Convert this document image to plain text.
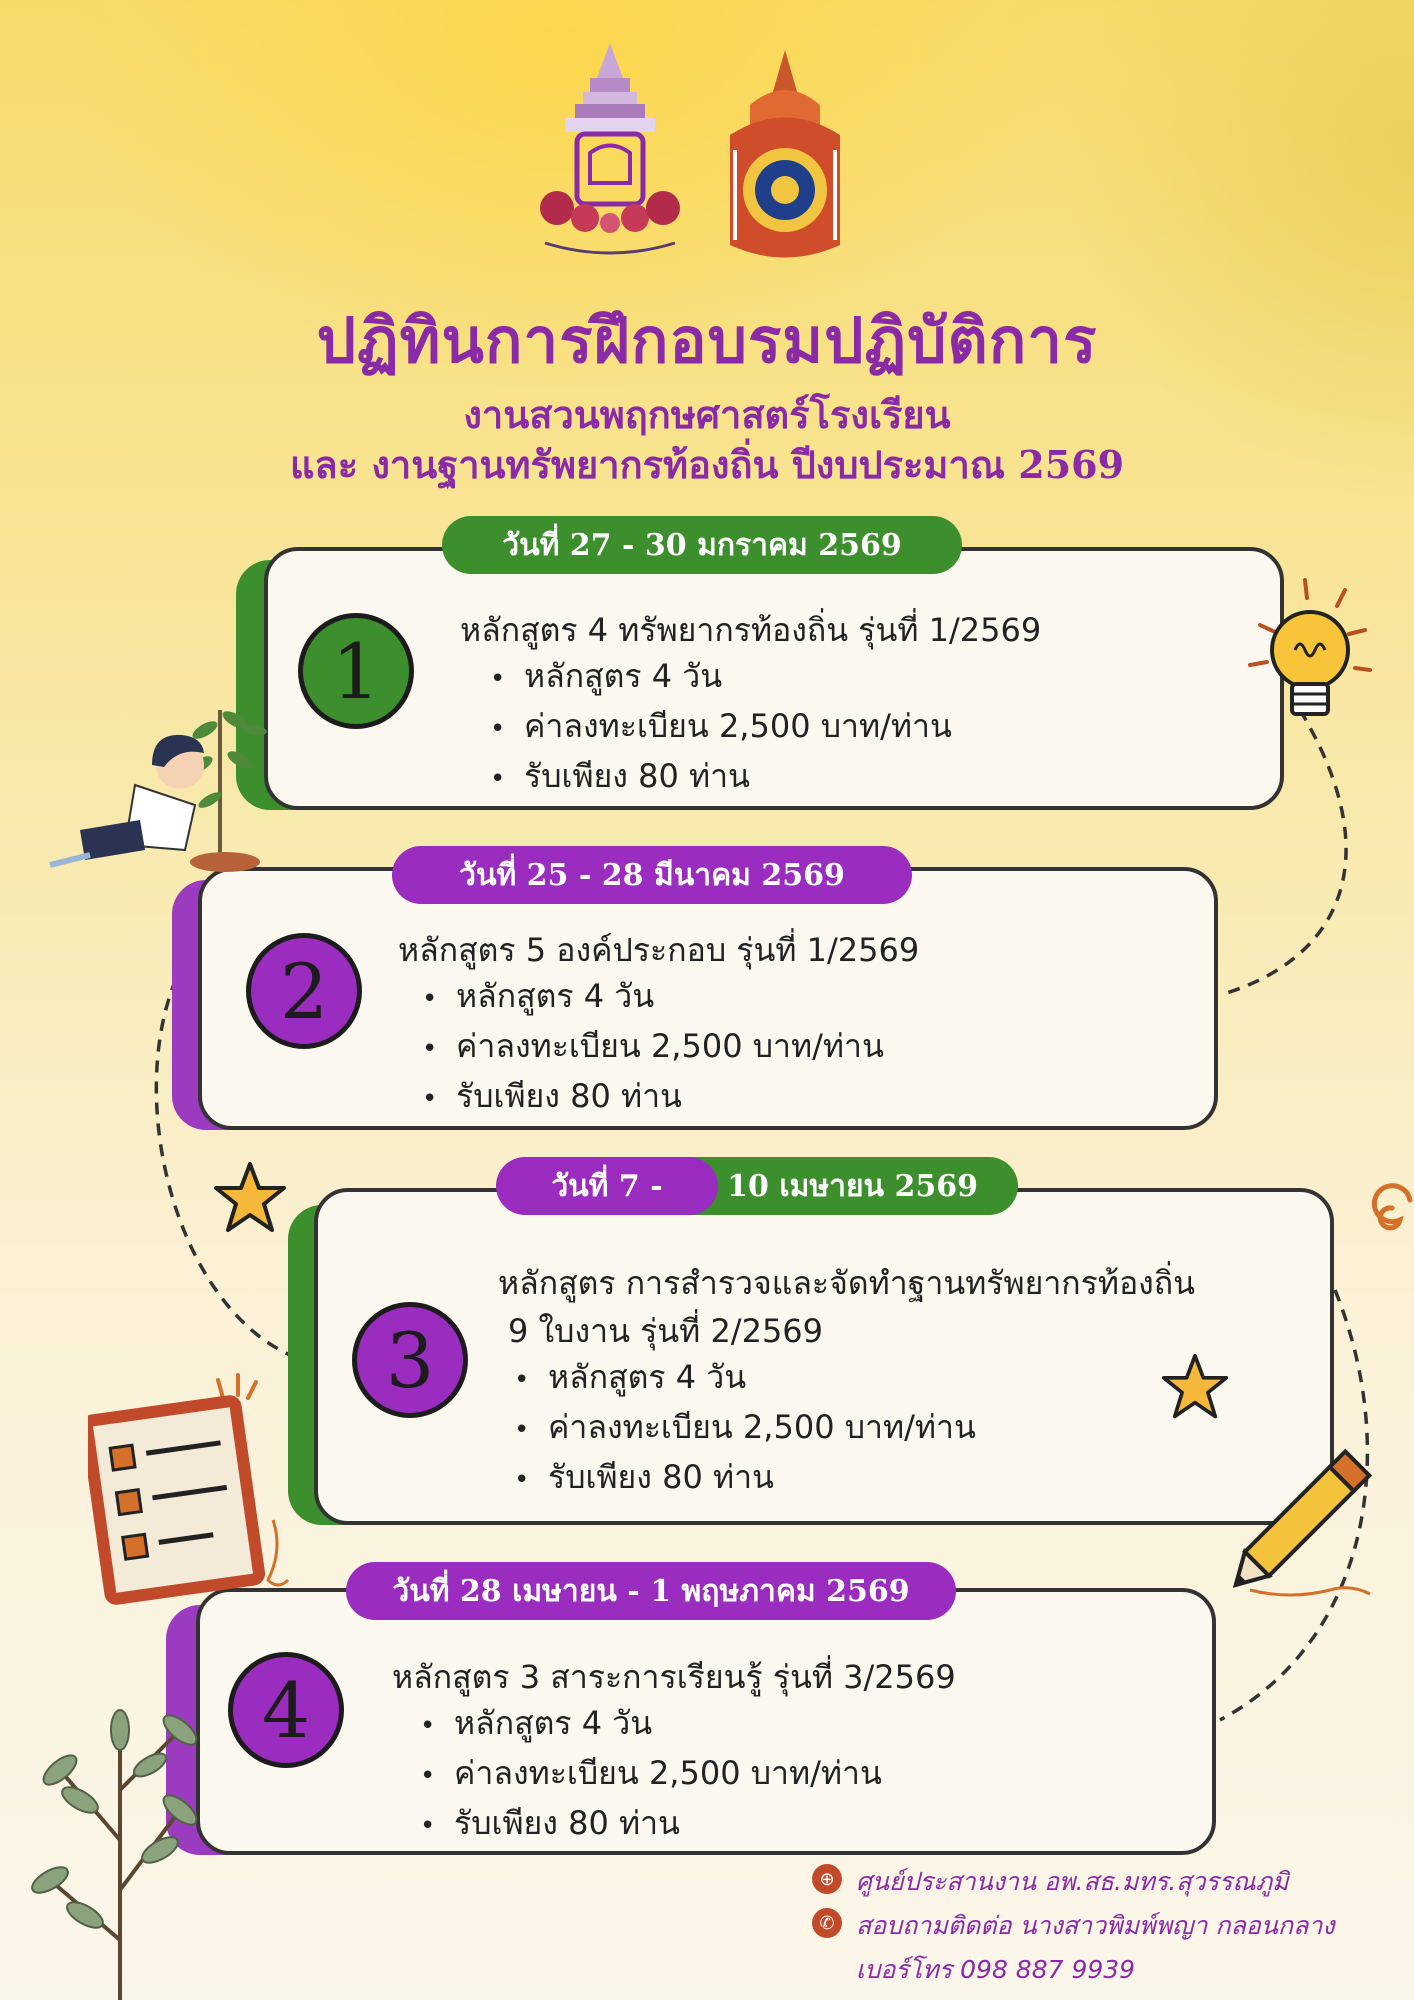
ปฏิทินการฝึกอบรมปฏิบัติการ
งานสวนพฤกษศาสตร์โรงเรียน
และ งานฐานทรัพยากรท้องถิ่น ปีงบประมาณ 2569
1	หลักสูตร 4 ทรัพยากรท้องถิ่น รุ่นที่ 1/2569
• หลักสูตร 4 วัน
• ค่าลงทะเบียน 2,500 บาท/ท่าน
• รับเพียง 80 ท่าน
วันที่ 27 - 30 มกราคม 2569
2	หลักสูตร 5 องค์ประกอบ รุ่นที่ 1/2569
• หลักสูตร 4 วัน
• ค่าลงทะเบียน 2,500 บาท/ท่าน
• รับเพียง 80 ท่าน
วันที่ 25 - 28 มีนาคม 2569
3
หลักสูตร การสำรวจและจัดทำฐานทรัพยากรท้องถิ่น
9 ใบงาน รุ่นที่ 2/2569
• หลักสูตร 4 วัน
• ค่าลงทะเบียน 2,500 บาท/ท่าน
• รับเพียง 80 ท่าน
10 เมษายน 2569
วันที่ 7 -
4	หลักสูตร 3 สาระการเรียนรู้ รุ่นที่ 3/2569
• หลักสูตร 4 วัน
• ค่าลงทะเบียน 2,500 บาท/ท่าน
• รับเพียง 80 ท่าน
วันที่ 28 เมษายน - 1 พฤษภาคม 2569
⊕ ศูนย์ประสานงาน อพ.สธ.มทร.สุวรรณภูมิ
✆ สอบถามติดต่อ นางสาวพิมพ์พญา กลอนกลาง
เบอร์โทร 098 887 9939
